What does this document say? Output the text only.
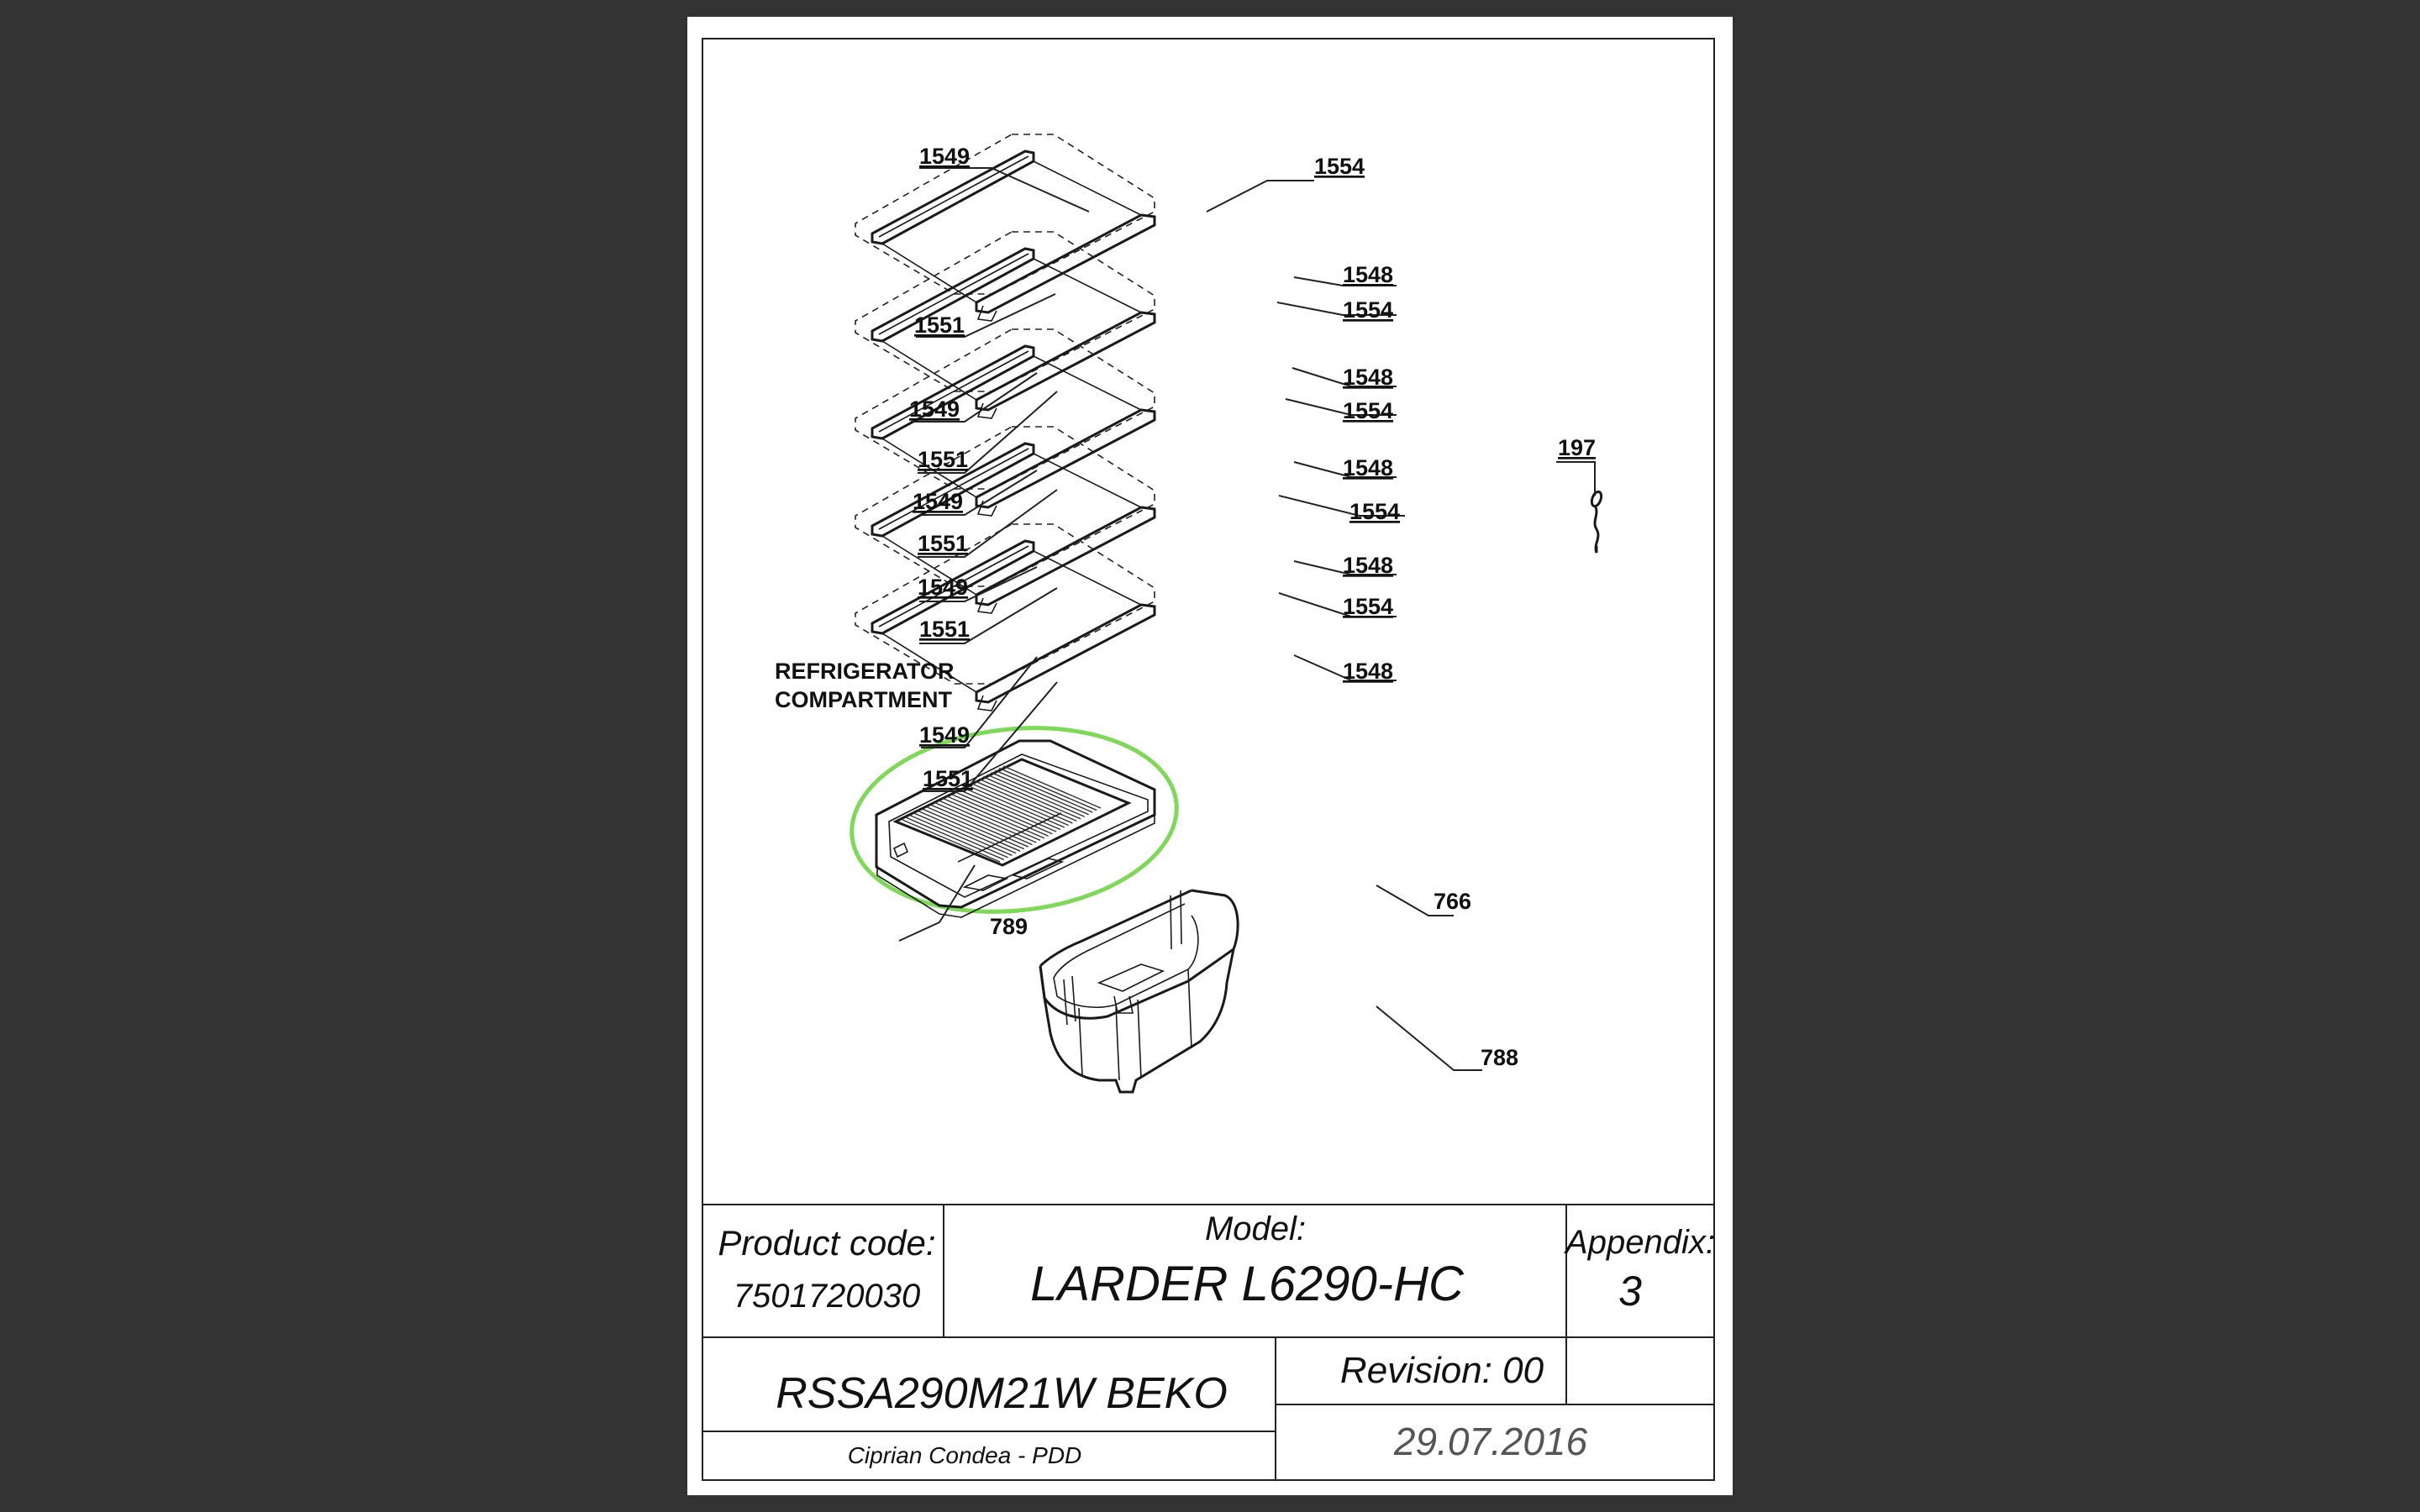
1549	1554
1548
1554
1551
1548
1549	1554
1551	1548
1549	1554
1551
1548
1549
1554
1551
1548
1549
1551
197
766
789
788
REFRIGERATOR
COMPARTMENT
Product code:
7501720030
Model:
LARDER L6290-HC
Appendix:
3
RSSA290M21W BEKO	Revision: 00
29.07.2016
Ciprian Condea - PDD
